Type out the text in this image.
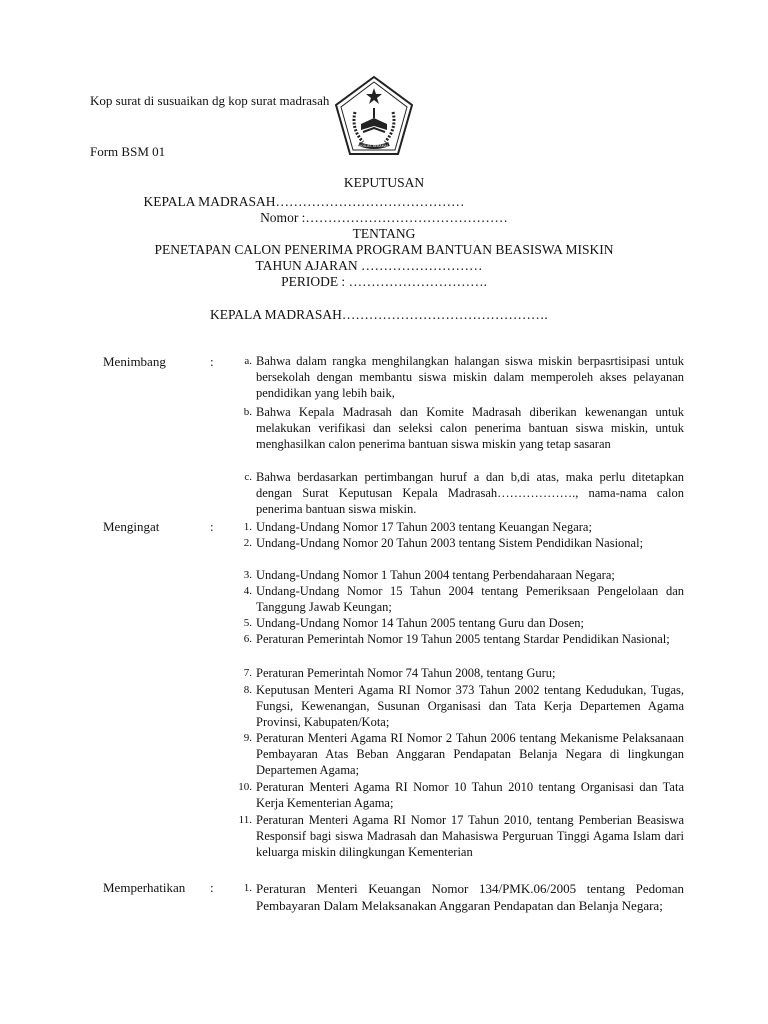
Kop surat di susuaikan dg kop surat madrasah
IKHLAS BERAMAL
Form BSM 01
KEPUTUSAN
KEPALA MADRASAH……………………………………
Nomor :………………………………………
TENTANG
PENETAPAN CALON PENERIMA PROGRAM BANTUAN BEASISWA MISKIN
TAHUN AJARAN ………………………
PERIODE : ………………………….
KEPALA MADRASAH……………………………………….
Menimbang	:	a. Bahwa dalam rangka menghilangkan halangan siswa miskin berpasrtisipasi untuk bersekolah dengan membantu siswa miskin dalam memperoleh akses pelayanan pendidikan yang lebih baik,
b. Bahwa Kepala Madrasah dan Komite Madrasah diberikan kewenangan untuk melakukan verifikasi dan seleksi calon penerima bantuan siswa miskin, untuk menghasilkan calon penerima bantuan siswa miskin yang tetap sasaran
c. Bahwa berdasarkan pertimbangan huruf a dan b,di atas, maka perlu ditetapkan dengan Surat Keputusan Kepala Madrasah………………., nama-nama calon penerima bantuan siswa miskin.
Mengingat	:	1. Undang-Undang Nomor 17 Tahun 2003 tentang Keuangan Negara;
2. Undang-Undang Nomor 20 Tahun 2003 tentang Sistem Pendidikan Nasional;
3. Undang-Undang Nomor 1 Tahun 2004 tentang Perbendaharaan Negara;
4. Undang-Undang Nomor 15 Tahun 2004 tentang Pemeriksaan Pengelolaan dan Tanggung Jawab Keungan;
5. Undang-Undang Nomor 14 Tahun 2005 tentang Guru dan Dosen;
6. Peraturan Pemerintah Nomor 19 Tahun 2005 tentang Stardar Pendidikan Nasional;
7. Peraturan Pemerintah Nomor 74 Tahun 2008, tentang Guru;
8. Keputusan Menteri Agama RI Nomor 373 Tahun 2002 tentang Kedudukan, Tugas, Fungsi, Kewenangan, Susunan Organisasi dan Tata Kerja Departemen Agama Provinsi, Kabupaten/Kota;
9. Peraturan Menteri Agama RI Nomor 2 Tahun 2006 tentang Mekanisme Pelaksanaan Pembayaran Atas Beban Anggaran Pendapatan Belanja Negara di lingkungan Departemen Agama;
10. Peraturan Menteri Agama RI Nomor 10 Tahun 2010 tentang Organisasi dan Tata Kerja Kementerian Agama;
11. Peraturan Menteri Agama RI Nomor 17 Tahun 2010, tentang Pemberian Beasiswa Responsif bagi siswa Madrasah dan Mahasiswa Perguruan Tinggi Agama Islam dari keluarga miskin dilingkungan Kementerian
Memperhatikan :	1. Peraturan Menteri Keuangan Nomor 134/PMK.06/2005 tentang Pedoman Pembayaran Dalam Melaksanakan Anggaran Pendapatan dan Belanja Negara;
